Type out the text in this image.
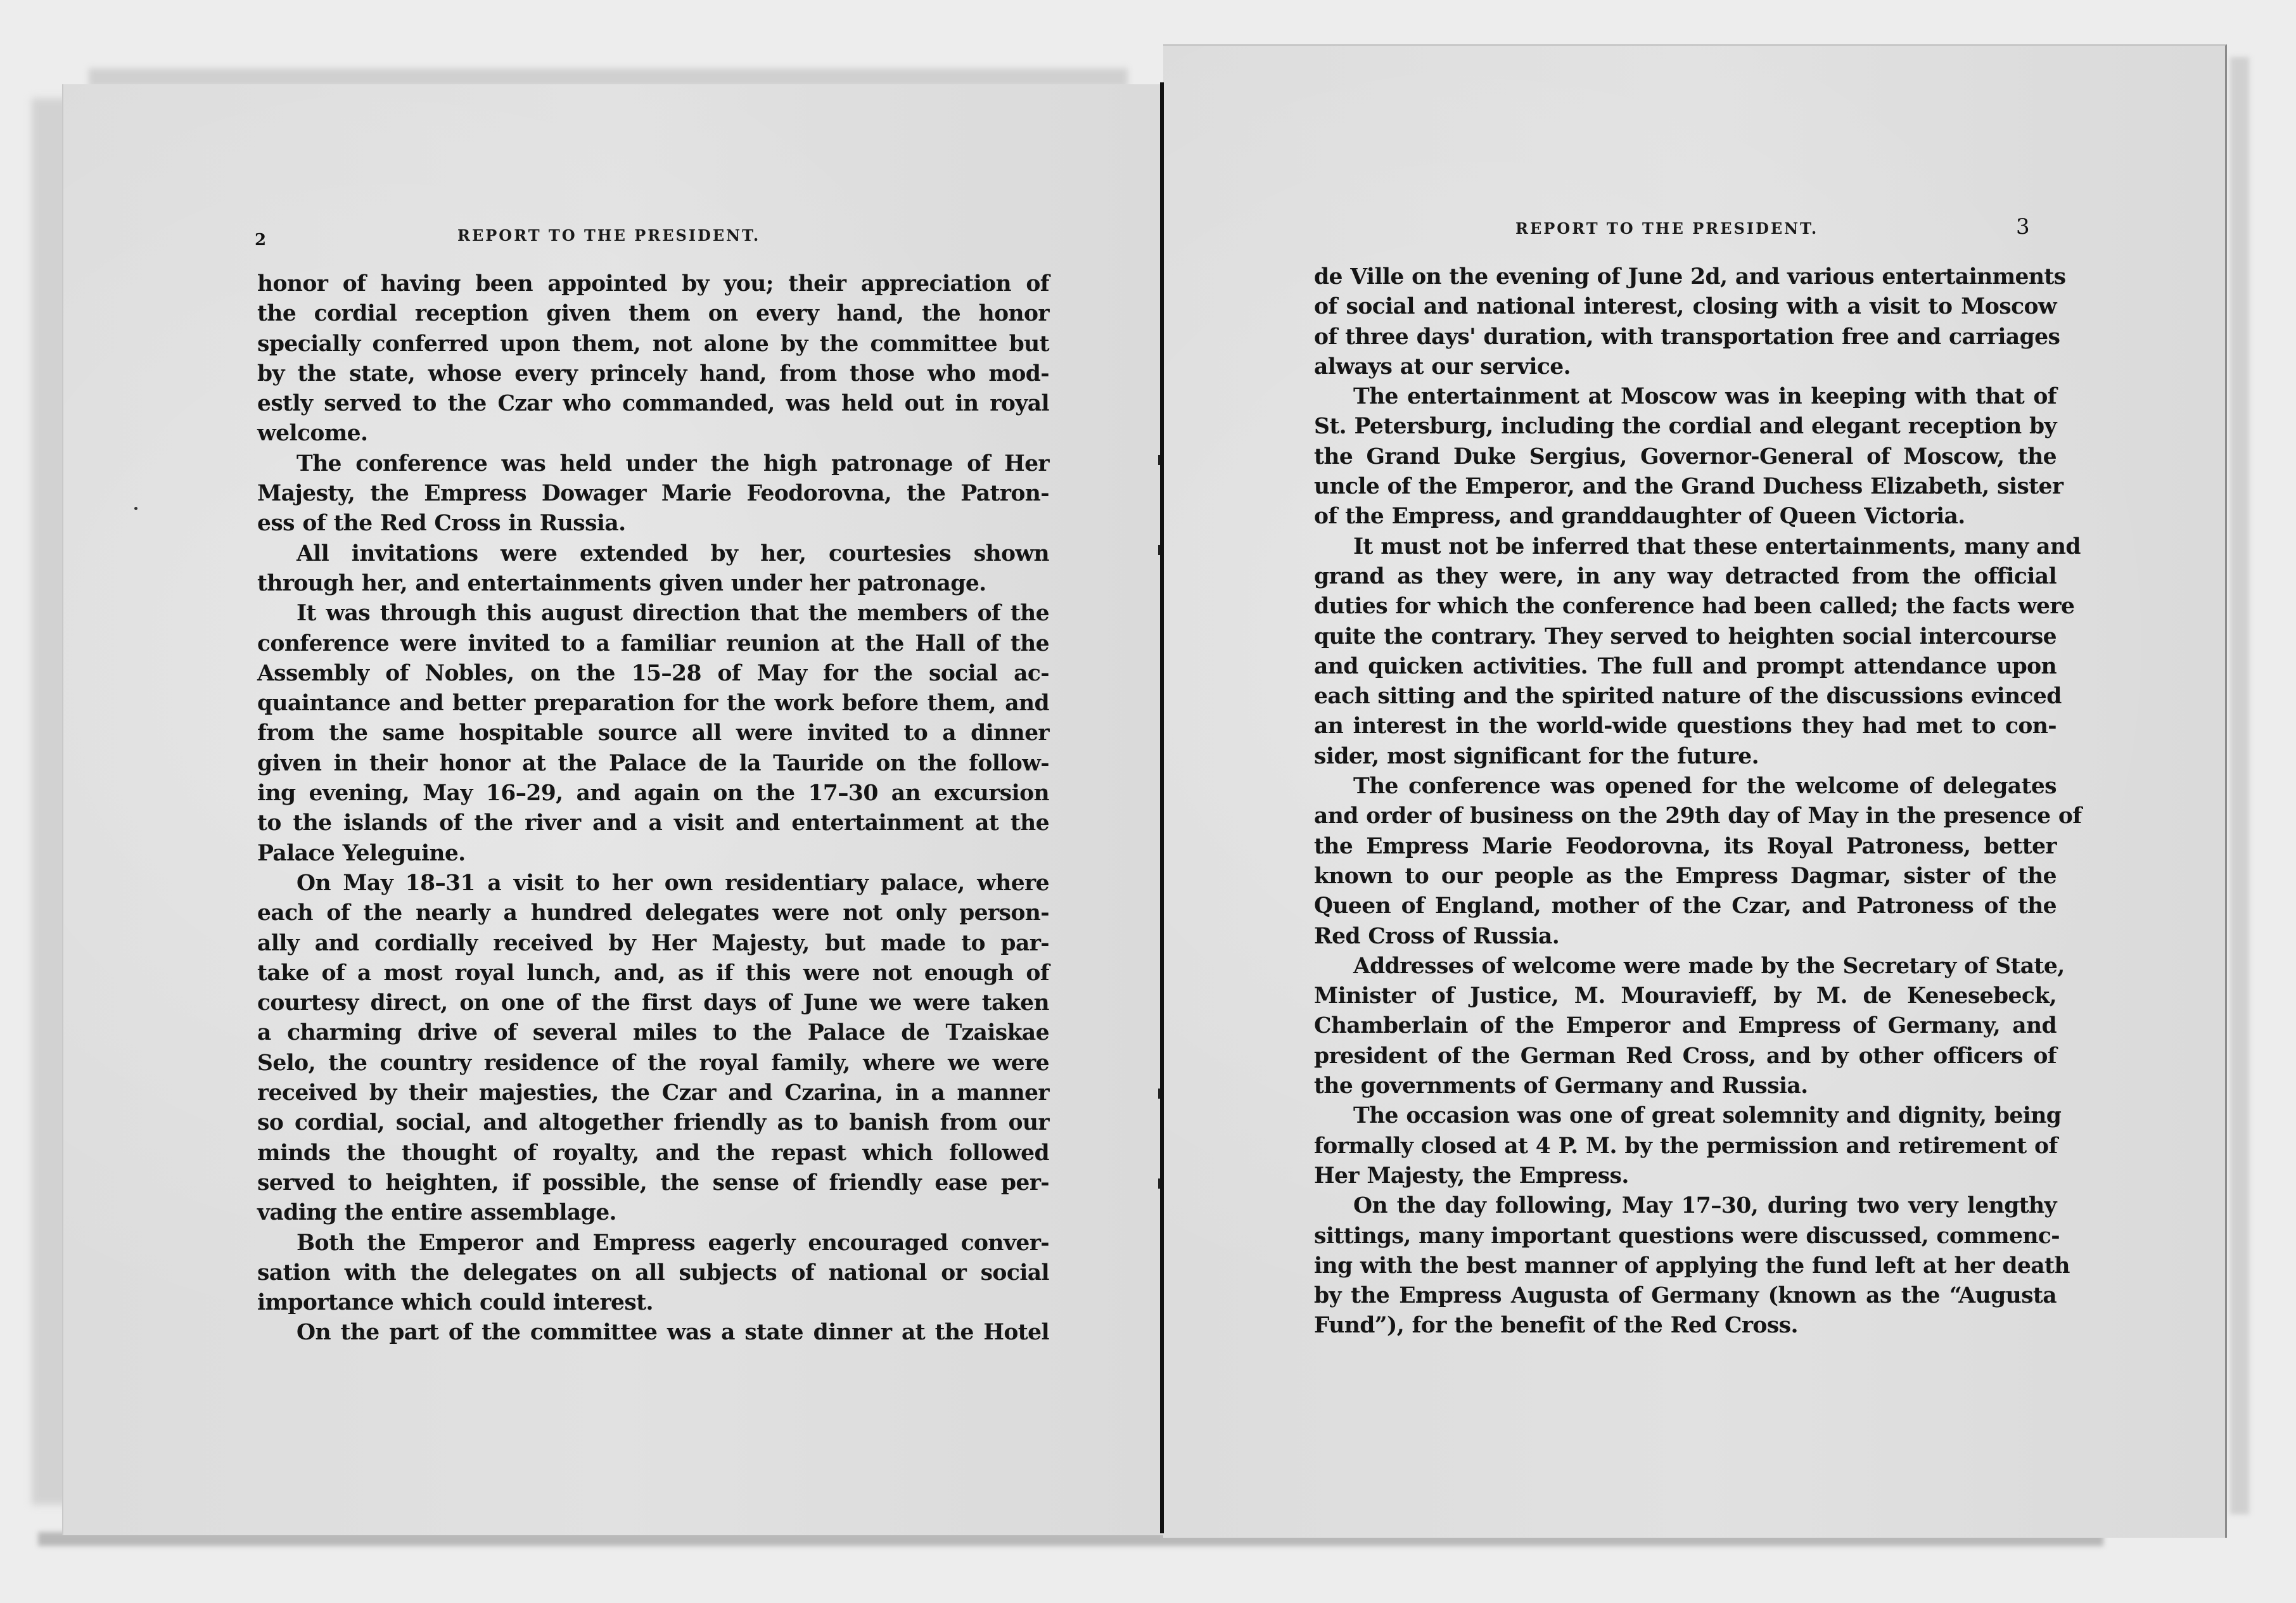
2	REPORT TO THE PRESIDENT.
honor of having been appointed by you; their appreciation of
the cordial reception given them on every hand, the honor
specially conferred upon them, not alone by the committee but
by the state, whose every princely hand, from those who mod-
estly served to the Czar who commanded, was held out in royal
welcome.
The conference was held under the high patronage of Her
Majesty, the Empress Dowager Marie Feodorovna, the Patron-
ess of the Red Cross in Russia.
All invitations were extended by her, courtesies shown
through her, and entertainments given under her patronage.
It was through this august direction that the members of the
conference were invited to a familiar reunion at the Hall of the
Assembly of Nobles, on the 15–28 of May for the social ac-
quaintance and better preparation for the work before them, and
from the same hospitable source all were invited to a dinner
given in their honor at the Palace de la Tauride on the follow-
ing evening, May 16–29, and again on the 17–30 an excursion
to the islands of the river and a visit and entertainment at the
Palace Yeleguine.
On May 18–31 a visit to her own residentiary palace, where
each of the nearly a hundred delegates were not only person-
ally and cordially received by Her Majesty, but made to par-
take of a most royal lunch, and, as if this were not enough of
courtesy direct, on one of the first days of June we were taken
a charming drive of several miles to the Palace de Tzaiskae
Selo, the country residence of the royal family, where we were
received by their majesties, the Czar and Czarina, in a manner
so cordial, social, and altogether friendly as to banish from our
minds the thought of royalty, and the repast which followed
served to heighten, if possible, the sense of friendly ease per-
vading the entire assemblage.
Both the Emperor and Empress eagerly encouraged conver-
sation with the delegates on all subjects of national or social
importance which could interest.
On the part of the committee was a state dinner at the Hotel
REPORT TO THE PRESIDENT.	3
de Ville on the evening of June 2d, and various entertainments
of social and national interest, closing with a visit to Moscow
of three days' duration, with transportation free and carriages
always at our service.
The entertainment at Moscow was in keeping with that of
St. Petersburg, including the cordial and elegant reception by
the Grand Duke Sergius, Governor-General of Moscow, the
uncle of the Emperor, and the Grand Duchess Elizabeth, sister
of the Empress, and granddaughter of Queen Victoria.
It must not be inferred that these entertainments, many and
grand as they were, in any way detracted from the official
duties for which the conference had been called; the facts were
quite the contrary. They served to heighten social intercourse
and quicken activities. The full and prompt attendance upon
each sitting and the spirited nature of the discussions evinced
an interest in the world-wide questions they had met to con-
sider, most significant for the future.
The conference was opened for the welcome of delegates
and order of business on the 29th day of May in the presence of
the Empress Marie Feodorovna, its Royal Patroness, better
known to our people as the Empress Dagmar, sister of the
Queen of England, mother of the Czar, and Patroness of the
Red Cross of Russia.
Addresses of welcome were made by the Secretary of State,
Minister of Justice, M. Mouravieff, by M. de Kenesebeck,
Chamberlain of the Emperor and Empress of Germany, and
president of the German Red Cross, and by other officers of
the governments of Germany and Russia.
The occasion was one of great solemnity and dignity, being
formally closed at 4 P. M. by the permission and retirement of
Her Majesty, the Empress.
On the day following, May 17–30, during two very lengthy
sittings, many important questions were discussed, commenc-
ing with the best manner of applying the fund left at her death
by the Empress Augusta of Germany (known as the “Augusta
Fund”), for the benefit of the Red Cross.
